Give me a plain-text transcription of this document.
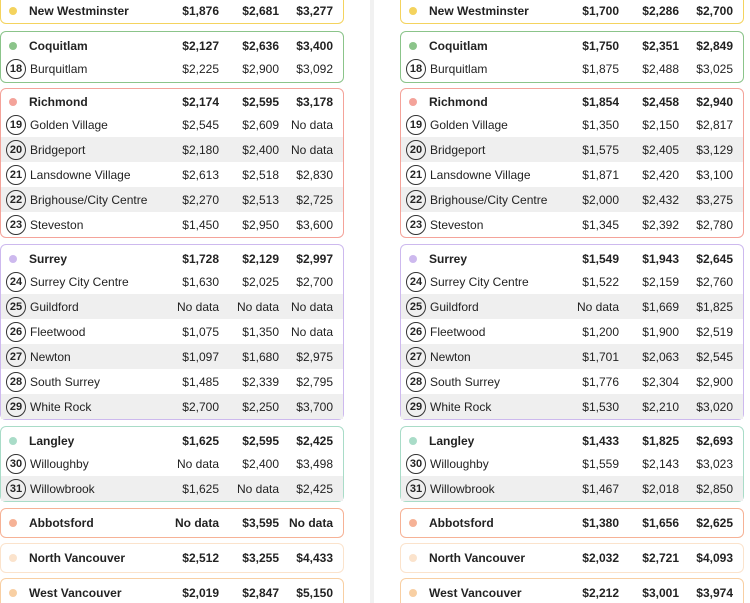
New Westminster	$1,876	$2,681	$3,277
Coquitlam	$2,127	$2,636	$3,400
18 Burquitlam	$2,225	$2,900	$3,092
Richmond	$2,174	$2,595	$3,178
19 Golden Village	$2,545	$2,609 No data
20 Bridgeport	$2,180	$2,400 No data
21 Lansdowne Village	$2,613	$2,518	$2,830
22 Brighouse/City Centre	$2,270	$2,513	$2,725
23 Steveston	$1,450	$2,950	$3,600
Surrey	$1,728	$2,129	$2,997
24 Surrey City Centre	$1,630	$2,025	$2,700
25 Guildford	No data	No data No data
26 Fleetwood	$1,075	$1,350 No data
27 Newton	$1,097	$1,680	$2,975
28 South Surrey	$1,485	$2,339	$2,795
29 White Rock	$2,700	$2,250	$3,700
Langley	$1,625	$2,595	$2,425
30 Willoughby	No data	$2,400	$3,498
31 Willowbrook	$1,625	No data	$2,425
Abbotsford	No data	$3,595 No data
North Vancouver	$2,512	$3,255	$4,433
West Vancouver	$2,019	$2,847	$5,150
New Westminster	$1,700	$2,286	$2,700
Coquitlam	$1,750	$2,351	$2,849
18 Burquitlam	$1,875	$2,488	$3,025
Richmond	$1,854	$2,458	$2,940
19 Golden Village	$1,350	$2,150	$2,817
20 Bridgeport	$1,575	$2,405	$3,129
21 Lansdowne Village	$1,871	$2,420	$3,100
22 Brighouse/City Centre	$2,000	$2,432	$3,275
23 Steveston	$1,345	$2,392	$2,780
Surrey	$1,549	$1,943	$2,645
24 Surrey City Centre	$1,522	$2,159	$2,760
25 Guildford	No data	$1,669	$1,825
26 Fleetwood	$1,200	$1,900	$2,519
27 Newton	$1,701	$2,063	$2,545
28 South Surrey	$1,776	$2,304	$2,900
29 White Rock	$1,530	$2,210	$3,020
Langley	$1,433	$1,825	$2,693
30 Willoughby	$1,559	$2,143	$3,023
31 Willowbrook	$1,467	$2,018	$2,850
Abbotsford	$1,380	$1,656	$2,625
North Vancouver	$2,032	$2,721	$4,093
West Vancouver	$2,212	$3,001	$3,974
